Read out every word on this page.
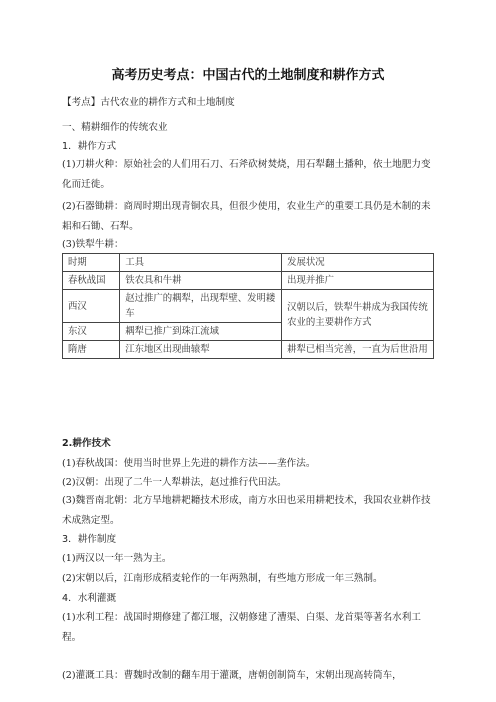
高考历史考点：中国古代的土地制度和耕作方式
【考点】古代农业的耕作方式和土地制度
一、精耕细作的传统农业
1．耕作方式
(1)刀耕火种：原始社会的人们用石刀、石斧砍树焚烧，用石犁翻土播种，依土地肥力变化而迁徙。
(2)石器锄耕：商周时期出现青铜农具，但很少使用，农业生产的重要工具仍是木制的耒耜和石锄、石犁。
(3)铁犁牛耕：
时期	工具	发展状况
春秋战国	铁农具和牛耕	出现并推广
西汉	赵过推广的耦犁，出现犁壁、发明耧车	汉朝以后，铁犁牛耕成为我国传统农业的主要耕作方式
东汉	耦犁已推广到珠江流域	
隋唐	江东地区出现曲辕犁	耕犁已相当完善，一直为后世沿用
2.耕作技术
(1)春秋战国：使用当时世界上先进的耕作方法——垄作法。
(2)汉朝：出现了二牛一人犁耕法，赵过推行代田法。
(3)魏晋南北朝：北方旱地耕耙耱技术形成，南方水田也采用耕耙技术，我国农业耕作技术成熟定型。
3．耕作制度
(1)两汉以一年一熟为主。
(2)宋朝以后，江南形成稻麦轮作的一年两熟制，有些地方形成一年三熟制。
4．水利灌溉
(1)水利工程：战国时期修建了都江堰，汉朝修建了漕渠、白渠、龙首渠等著名水利工程。
(2)灌溉工具：曹魏时改制的翻车用于灌溉，唐朝创制筒车，宋朝出现高转筒车，
